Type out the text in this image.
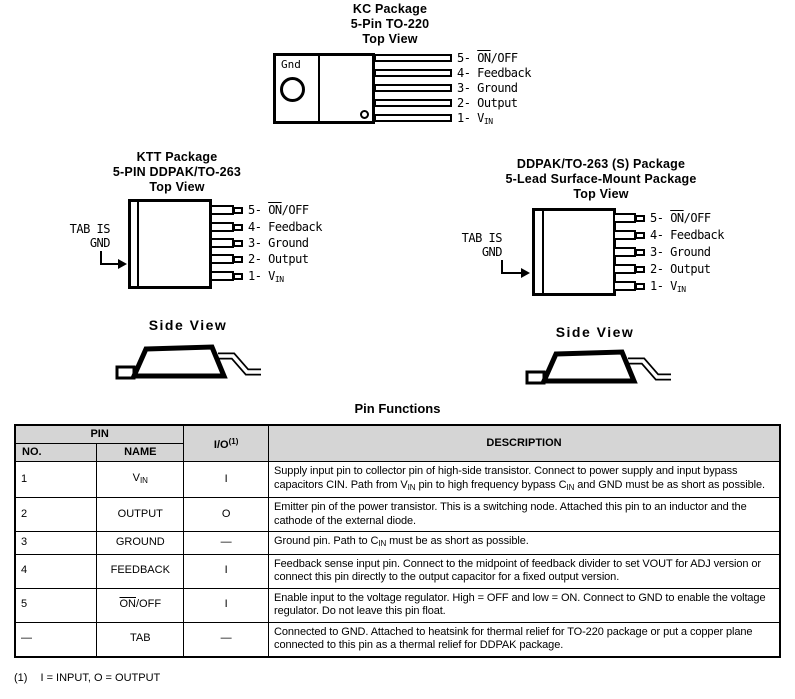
KC Package
5-Pin TO-220
Top View
Gnd	5- $\overline{ON}$/OFF
4- Feedback
3- Ground
2- Output
1- $V_{IN}$
KTT Package
5-PIN DDPAK/TO-263
Top View
TAB IS
GND
5- $\overline{ON}$/OFF
4- Feedback
3- Ground
2- Output
1- $V_{IN}$
DDPAK/TO-263 (S) Package
5-Lead Surface-Mount Package
Top View
TAB IS
GND
5- $\overline{ON}$/OFF
4- Feedback
3- Ground
2- Output
1- $V_{IN}$
Side View	Side View
Pin Functions
PIN		$I/O^{(1)}$	DESCRIPTION
NO.	NAME		
1	$V_{IN}$	I	Supply input pin to collector pin of high-side transistor. Connect to power supply and input bypass capacitors CIN. Path from $V_{IN}$ pin to high frequency bypass $C_{IN}$ and GND must be as short as possible.
2	OUTPUT	O	Emitter pin of the power transistor. This is a switching node. Attached this pin to an inductor and the cathode of the external diode.
3	GROUND	—	Ground pin. Path to $C_{IN}$ must be as short as possible.
4	FEEDBACK	I	Feedback sense input pin. Connect to the midpoint of feedback divider to set VOUT for ADJ version or connect this pin directly to the output capacitor for a fixed output version.
5	$\overline{ON}$/OFF	I	Enable input to the voltage regulator. High = OFF and low = ON. Connect to GND to enable the voltage regulator. Do not leave this pin float.
—	TAB	—	Connected to GND. Attached to heatsink for thermal relief for TO-220 package or put a copper plane connected to this pin as a thermal relief for DDPAK package.
(1) I = INPUT, O = OUTPUT
